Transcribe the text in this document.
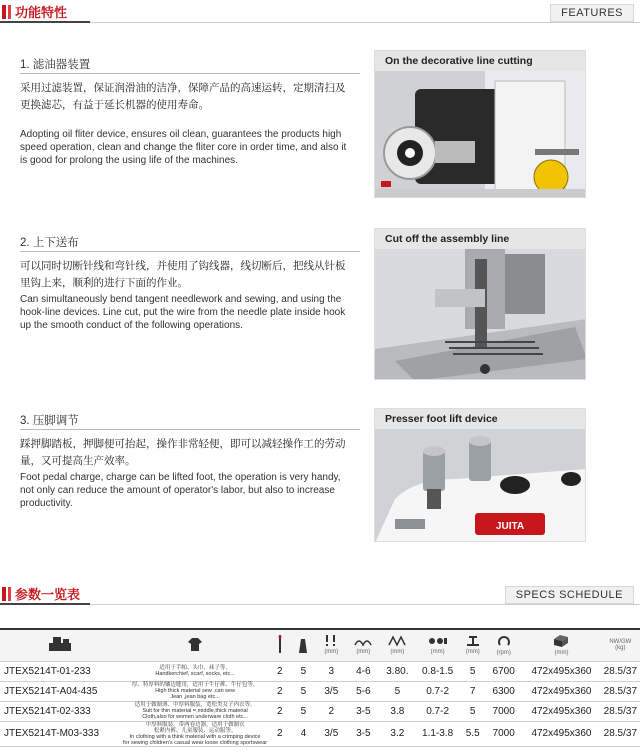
功能特性	FEATURES
1. 滤油器装置
采用过滤装置，保证润滑油的洁净，保障产品的高速运转，定期清扫及更换滤芯，有益于延长机器的使用寿命。
Adopting oil fliter device, ensures oil clean, guarantees the products high speed operation, clean and change the fliter core in order time, and also it is good for prolong the using life of the machines.
On the decorative line cutting
2. 上下送布
可以同时切断针线和弯针线，并使用了钩线器，线切断后，把线从针板里钩上来，顺利的进行下面的作业。
Can simultaneously bend tangent needlework and sewing, and using the hook-line devices. Line cut, put the wire from the needle plate inside hook up the smooth conduct of the following operations.
Cut off the assembly line
3. 压脚调节
踩押脚踏板，押脚便可抬起，操作非常轻便，即可以减轻操作工的劳动量，又可提高生产效率。
Foot pedal charge, charge can be lifted foot, the operation is very handy, not only can reduce the amount of operator's labor, but also to increase productivity.
Presser foot lift device
JUITA
参数一览表	SPECS SCHEDULE

(mm)	(mm)	(mm)	(mm)	(mm)	(rpm)	(mm)	NW/GW
(kg)
JTEX5214T-01-233	适用于手帕、头巾、袜子等。
Handkerchief, scarf, socks, etc...	2	5	3	4-6	3.80.	0.8-1.5	5	6700	472x495x360	28.5/37
JTEX5214T-A04-435	厚、特厚料的镶边缝用，适用于牛仔裤、牛仔包等。
High thick material sew ,can sew
Jean ,jean bag etc...	2	5	3/5	5-6	5	0.7-2	7	6300	472x495x360	28.5/37
JTEX5214T-02-333	适用于做制薄、中厚料服装，宽松类女子内衣等。
Suit for thin material =,middle,thick material
Cloth,also for women underware cloth etc...	2	5	2	3-5	3.8	0.7-2	5	7000	472x495x360	28.5/37
JTEX5214T-M03-333	中厚料服装，带两卷边器，适用于做制衣
松紧内裤、儿童服装、运动服等。
In clothing with a think material with a crimping device
for sewing children's casual wear loose clothing sportswear	2	4	3/5	3-5	3.2	1.1-3.8	5.5	7000	472x495x360	28.5/37
